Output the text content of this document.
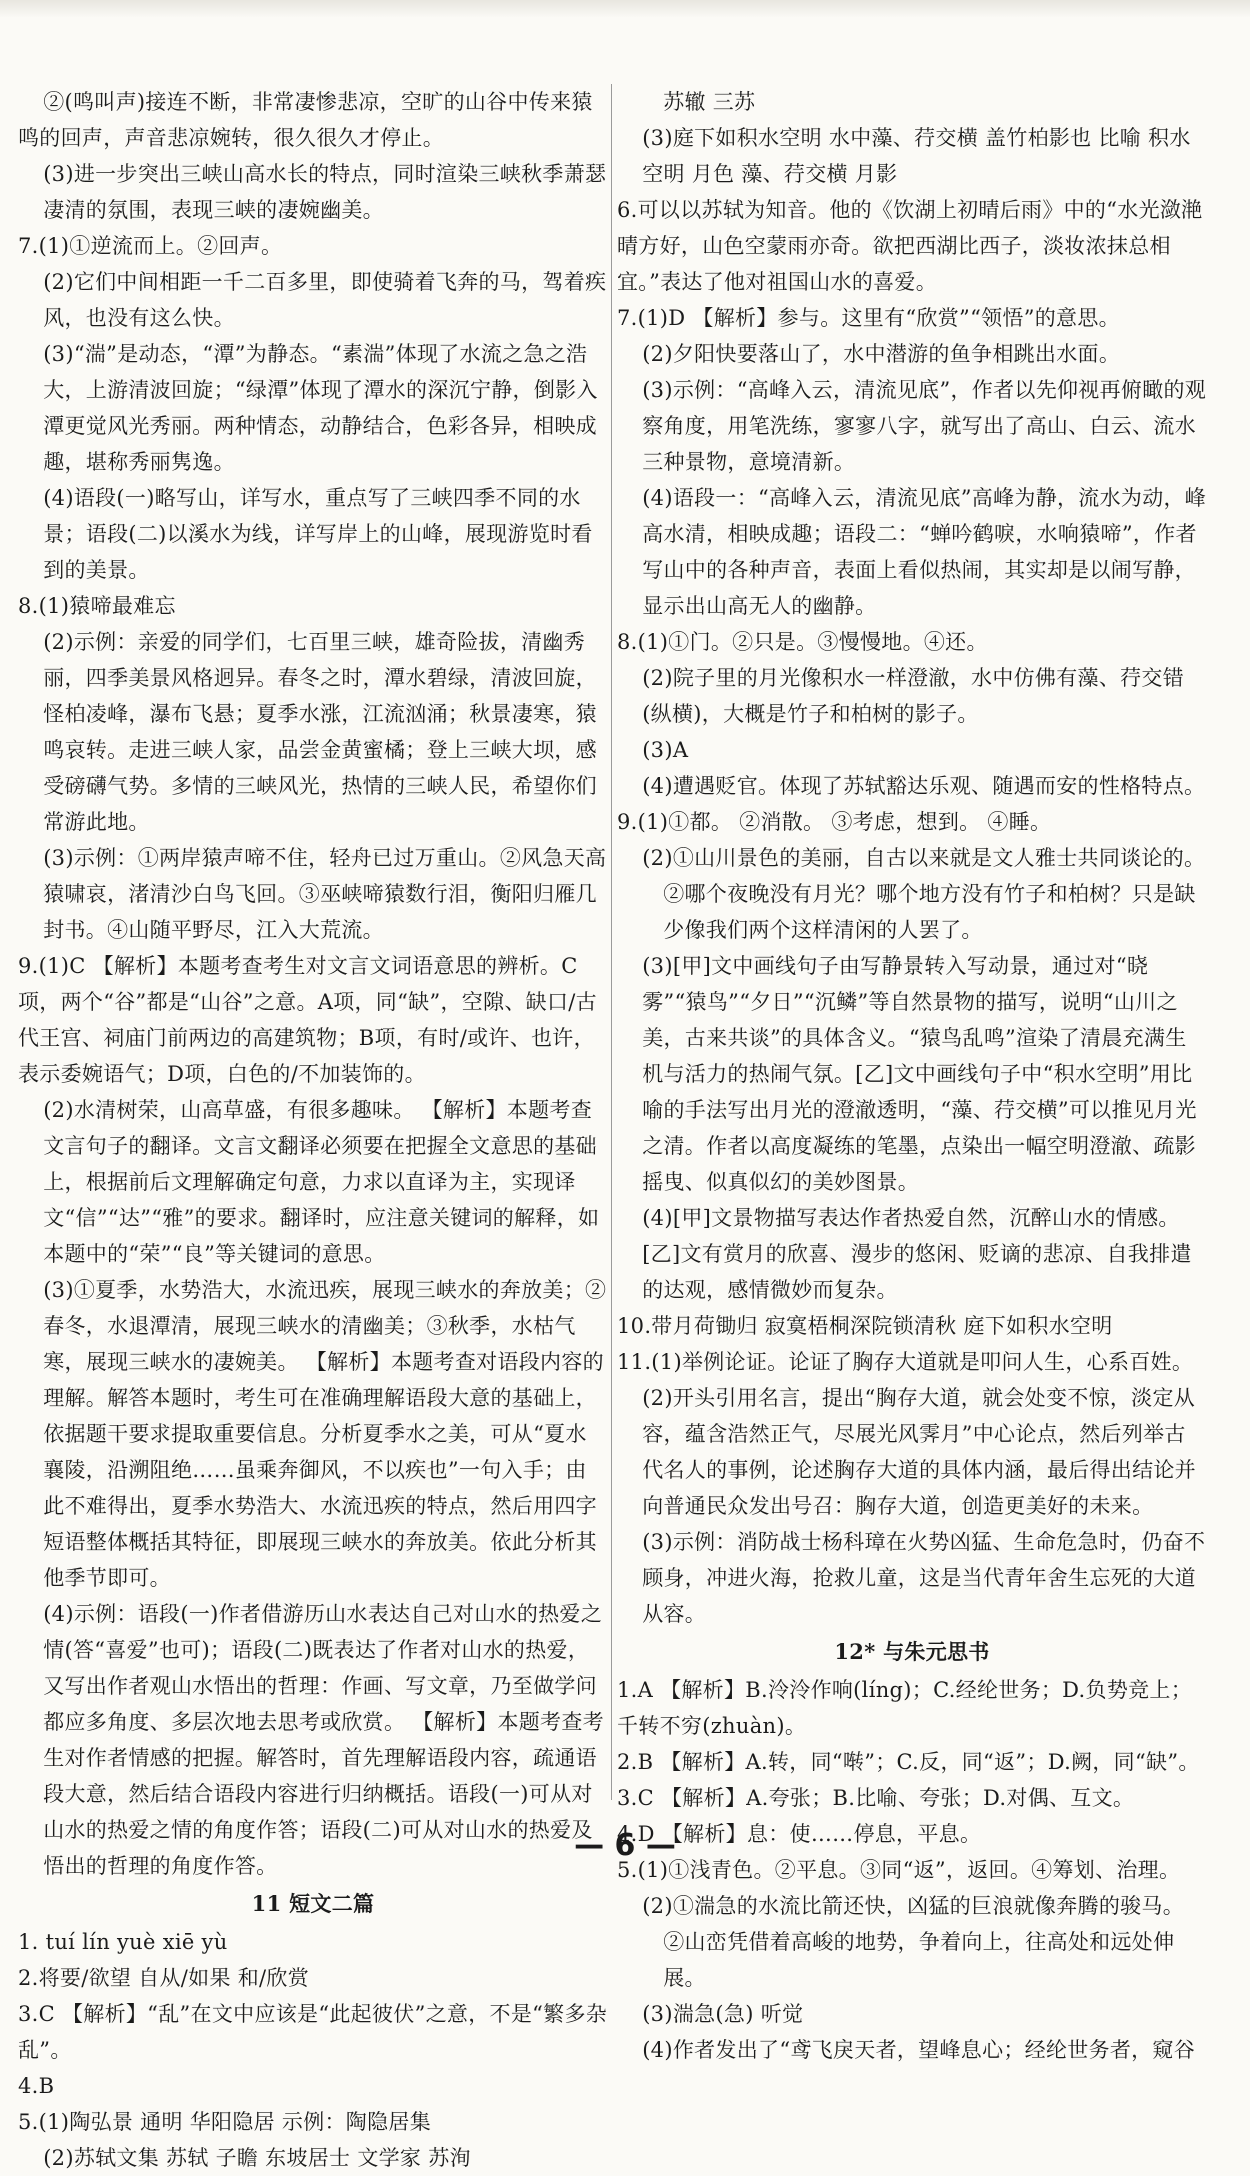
②(鸣叫声)接连不断，非常凄惨悲凉，空旷的山谷中传来猿鸣的回声，声音悲凉婉转，很久很久才停止。

(3)进一步突出三峡山高水长的特点，同时渲染三峡秋季萧瑟凄清的氛围，表现三峡的凄婉幽美。

7.(1)①逆流而上。②回声。

(2)它们中间相距一千二百多里，即使骑着飞奔的马，驾着疾风，也没有这么快。

(3)“湍”是动态，“潭”为静态。“素湍”体现了水流之急之浩大，上游清波回旋；“绿潭”体现了潭水的深沉宁静，倒影入潭更觉风光秀丽。两种情态，动静结合，色彩各异，相映成趣，堪称秀丽隽逸。

(4)语段(一)略写山，详写水，重点写了三峡四季不同的水景；语段(二)以溪水为线，详写岸上的山峰，展现游览时看到的美景。

8.(1)猿啼最难忘

(2)示例：亲爱的同学们，七百里三峡，雄奇险拔，清幽秀丽，四季美景风格迥异。春冬之时，潭水碧绿，清波回旋，怪柏凌峰，瀑布飞悬；夏季水涨，江流汹涌；秋景凄寒，猿鸣哀转。走进三峡人家，品尝金黄蜜橘；登上三峡大坝，感受磅礴气势。多情的三峡风光，热情的三峡人民，希望你们常游此地。

(3)示例：①两岸猿声啼不住，轻舟已过万重山。②风急天高猿啸哀，渚清沙白鸟飞回。③巫峡啼猿数行泪，衡阳归雁几封书。④山随平野尽，江入大荒流。

9.(1)C 【解析】本题考查考生对文言文词语意思的辨析。C项，两个“谷”都是“山谷”之意。A项，同“缺”，空隙、缺口/古代王宫、祠庙门前两边的高建筑物；B项，有时/或许、也许，表示委婉语气；D项，白色的/不加装饰的。

(2)水清树荣，山高草盛，有很多趣味。 【解析】本题考查文言句子的翻译。文言文翻译必须要在把握全文意思的基础上，根据前后文理解确定句意，力求以直译为主，实现译文“信”“达”“雅”的要求。翻译时，应注意关键词的解释，如本题中的“荣”“良”等关键词的意思。

(3)①夏季，水势浩大，水流迅疾，展现三峡水的奔放美；②春冬，水退潭清，展现三峡水的清幽美；③秋季，水枯气寒，展现三峡水的凄婉美。 【解析】本题考查对语段内容的理解。解答本题时，考生可在准确理解语段大意的基础上，依据题干要求提取重要信息。分析夏季水之美，可从“夏水襄陵，沿溯阻绝……虽乘奔御风，不以疾也”一句入手；由此不难得出，夏季水势浩大、水流迅疾的特点，然后用四字短语整体概括其特征，即展现三峡水的奔放美。依此分析其他季节即可。

(4)示例：语段(一)作者借游历山水表达自己对山水的热爱之情(答“喜爱”也可)；语段(二)既表达了作者对山水的热爱，又写出作者观山水悟出的哲理：作画、写文章，乃至做学问都应多角度、多层次地去思考或欣赏。 【解析】本题考查考生对作者情感的把握。解答时，首先理解语段内容，疏通语段大意，然后结合语段内容进行归纳概括。语段(一)可从对山水的热爱之情的角度作答；语段(二)可从对山水的热爱及悟出的哲理的角度作答。

11 短文二篇

1. tuí lín yuè xiē yù

2.将要/欲望 自从/如果 和/欣赏

3.C 【解析】“乱”在文中应该是“此起彼伏”之意，不是“繁多杂乱”。

4.B

5.(1)陶弘景 通明 华阳隐居 示例：陶隐居集

(2)苏轼文集 苏轼 子瞻 东坡居士 文学家 苏洵

苏辙 三苏

(3)庭下如积水空明 水中藻、荇交横 盖竹柏影也 比喻 积水空明 月色 藻、荇交横 月影

6.可以以苏轼为知音。他的《饮湖上初晴后雨》中的“水光潋滟晴方好，山色空蒙雨亦奇。欲把西湖比西子，淡妆浓抹总相宜。”表达了他对祖国山水的喜爱。

7.(1)D 【解析】参与。这里有“欣赏”“领悟”的意思。

(2)夕阳快要落山了，水中潜游的鱼争相跳出水面。

(3)示例：“高峰入云，清流见底”，作者以先仰视再俯瞰的观察角度，用笔洗练，寥寥八字，就写出了高山、白云、流水三种景物，意境清新。

(4)语段一：“高峰入云，清流见底”高峰为静，流水为动，峰高水清，相映成趣；语段二：“蝉吟鹤唳，水响猿啼”，作者写山中的各种声音，表面上看似热闹，其实却是以闹写静，显示出山高无人的幽静。

8.(1)①门。②只是。③慢慢地。④还。

(2)院子里的月光像积水一样澄澈，水中仿佛有藻、荇交错(纵横)，大概是竹子和柏树的影子。

(3)A

(4)遭遇贬官。体现了苏轼豁达乐观、随遇而安的性格特点。

9.(1)①都。 ②消散。 ③考虑，想到。 ④睡。

(2)①山川景色的美丽，自古以来就是文人雅士共同谈论的。

②哪个夜晚没有月光？哪个地方没有竹子和柏树？只是缺少像我们两个这样清闲的人罢了。

(3)[甲]文中画线句子由写静景转入写动景，通过对“晓雾”“猿鸟”“夕日”“沉鳞”等自然景物的描写，说明“山川之美，古来共谈”的具体含义。“猿鸟乱鸣”渲染了清晨充满生机与活力的热闹气氛。[乙]文中画线句子中“积水空明”用比喻的手法写出月光的澄澈透明，“藻、荇交横”可以推见月光之清。作者以高度凝练的笔墨，点染出一幅空明澄澈、疏影摇曳、似真似幻的美妙图景。

(4)[甲]文景物描写表达作者热爱自然，沉醉山水的情感。[乙]文有赏月的欣喜、漫步的悠闲、贬谪的悲凉、自我排遣的达观，感情微妙而复杂。

10.带月荷锄归 寂寞梧桐深院锁清秋 庭下如积水空明

11.(1)举例论证。论证了胸存大道就是叩问人生，心系百姓。

(2)开头引用名言，提出“胸存大道，就会处变不惊，淡定从容，蕴含浩然正气，尽展光风霁月”中心论点，然后列举古代名人的事例，论述胸存大道的具体内涵，最后得出结论并向普通民众发出号召：胸存大道，创造更美好的未来。

(3)示例：消防战士杨科璋在火势凶猛、生命危急时，仍奋不顾身，冲进火海，抢救儿童，这是当代青年舍生忘死的大道从容。

12* 与朱元思书

1.A 【解析】B.泠泠作响(líng)；C.经纶世务；D.负势竞上；千转不穷(zhuàn)。

2.B 【解析】A.转，同“啭”；C.反，同“返”；D.阙，同“缺”。

3.C 【解析】A.夸张；B.比喻、夸张；D.对偶、互文。

4.D 【解析】息：使……停息，平息。

5.(1)①浅青色。②平息。③同“返”，返回。④筹划、治理。

(2)①湍急的水流比箭还快，凶猛的巨浪就像奔腾的骏马。

②山峦凭借着高峻的地势，争着向上，往高处和远处伸展。

(3)湍急(急) 听觉

(4)作者发出了“鸢飞戾天者，望峰息心；经纶世务者，窥谷

— 6 —
